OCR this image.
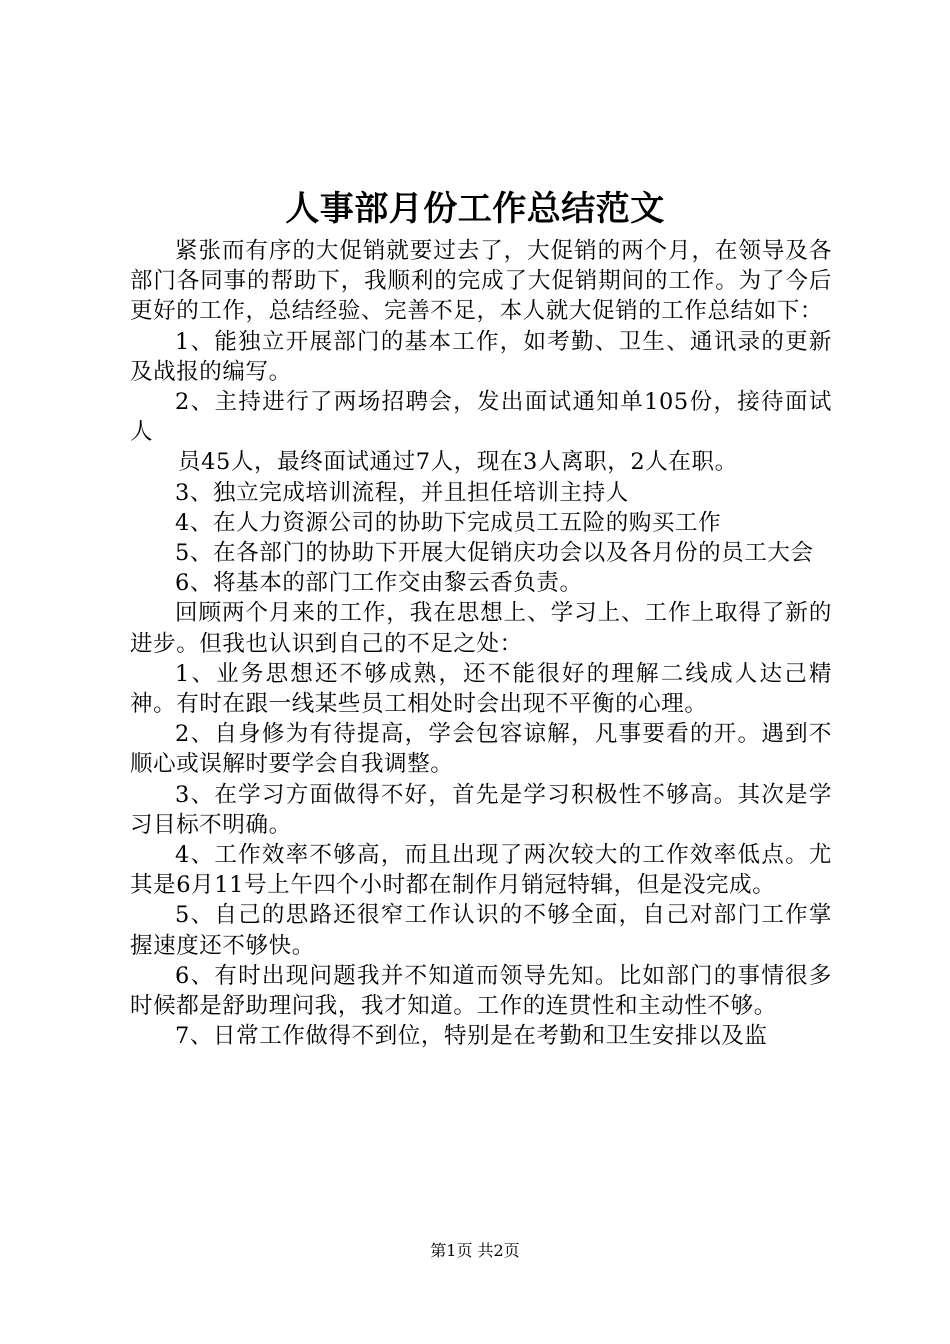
人事部月份工作总结范文

紧张而有序的大促销就要过去了，大促销的两个月，在领导及各部门各同事的帮助下，我顺利的完成了大促销期间的工作。为了今后更好的工作，总结经验、完善不足，本人就大促销的工作总结如下：

1、能独立开展部门的基本工作，如考勤、卫生、通讯录的更新及战报的编写。

2、主持进行了两场招聘会，发出面试通知单105份，接待面试人

员45人，最终面试通过7人，现在3人离职，2人在职。

3、独立完成培训流程，并且担任培训主持人

4、在人力资源公司的协助下完成员工五险的购买工作

5、在各部门的协助下开展大促销庆功会以及各月份的员工大会

6、将基本的部门工作交由黎云香负责。

回顾两个月来的工作，我在思想上、学习上、工作上取得了新的进步。但我也认识到自己的不足之处：

1、业务思想还不够成熟，还不能很好的理解二线成人达己精神。有时在跟一线某些员工相处时会出现不平衡的心理。

2、自身修为有待提高，学会包容谅解，凡事要看的开。遇到不顺心或误解时要学会自我调整。

3、在学习方面做得不好，首先是学习积极性不够高。其次是学习目标不明确。

4、工作效率不够高，而且出现了两次较大的工作效率低点。尤其是6月11号上午四个小时都在制作月销冠特辑，但是没完成。

5、自己的思路还很窄工作认识的不够全面，自己对部门工作掌握速度还不够快。

6、有时出现问题我并不知道而领导先知。比如部门的事情很多时候都是舒助理问我，我才知道。工作的连贯性和主动性不够。

7、日常工作做得不到位，特别是在考勤和卫生安排以及监

第1页 共2页
